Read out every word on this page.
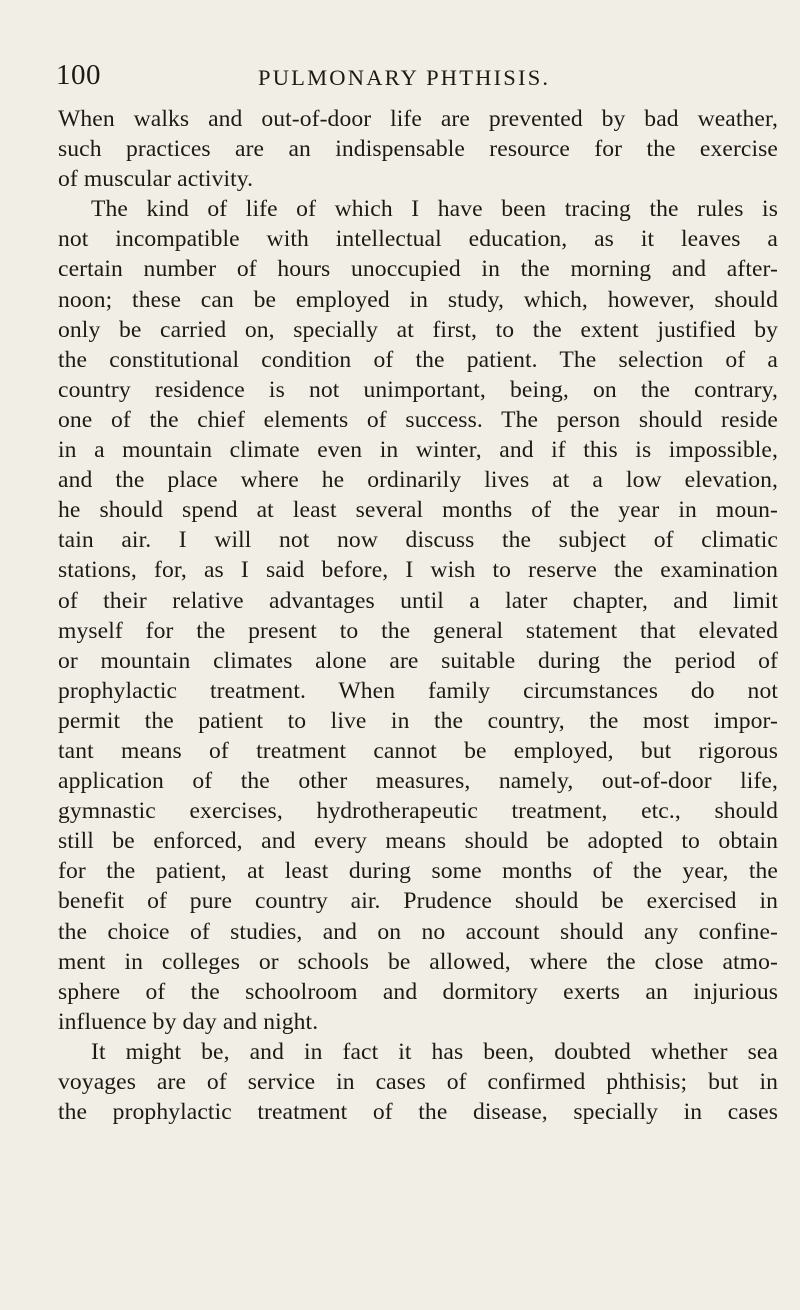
100	PULMONARY PHTHISIS.
When walks and out-of-door life are prevented by bad weather,
such practices are an indispensable resource for the exercise
of muscular activity.
The kind of life of which I have been tracing the rules is
not incompatible with intellectual education, as it leaves a
certain number of hours unoccupied in the morning and after-
noon; these can be employed in study, which, however, should
only be carried on, specially at first, to the extent justified by
the constitutional condition of the patient. The selection of a
country residence is not unimportant, being, on the contrary,
one of the chief elements of success. The person should reside
in a mountain climate even in winter, and if this is impossible,
and the place where he ordinarily lives at a low elevation,
he should spend at least several months of the year in moun-
tain air. I will not now discuss the subject of climatic
stations, for, as I said before, I wish to reserve the examination
of their relative advantages until a later chapter, and limit
myself for the present to the general statement that elevated
or mountain climates alone are suitable during the period of
prophylactic treatment. When family circumstances do not
permit the patient to live in the country, the most impor-
tant means of treatment cannot be employed, but rigorous
application of the other measures, namely, out-of-door life,
gymnastic exercises, hydrotherapeutic treatment, etc., should
still be enforced, and every means should be adopted to obtain
for the patient, at least during some months of the year, the
benefit of pure country air. Prudence should be exercised in
the choice of studies, and on no account should any confine-
ment in colleges or schools be allowed, where the close atmo-
sphere of the schoolroom and dormitory exerts an injurious
influence by day and night.
It might be, and in fact it has been, doubted whether sea
voyages are of service in cases of confirmed phthisis; but in
the prophylactic treatment of the disease, specially in cases
